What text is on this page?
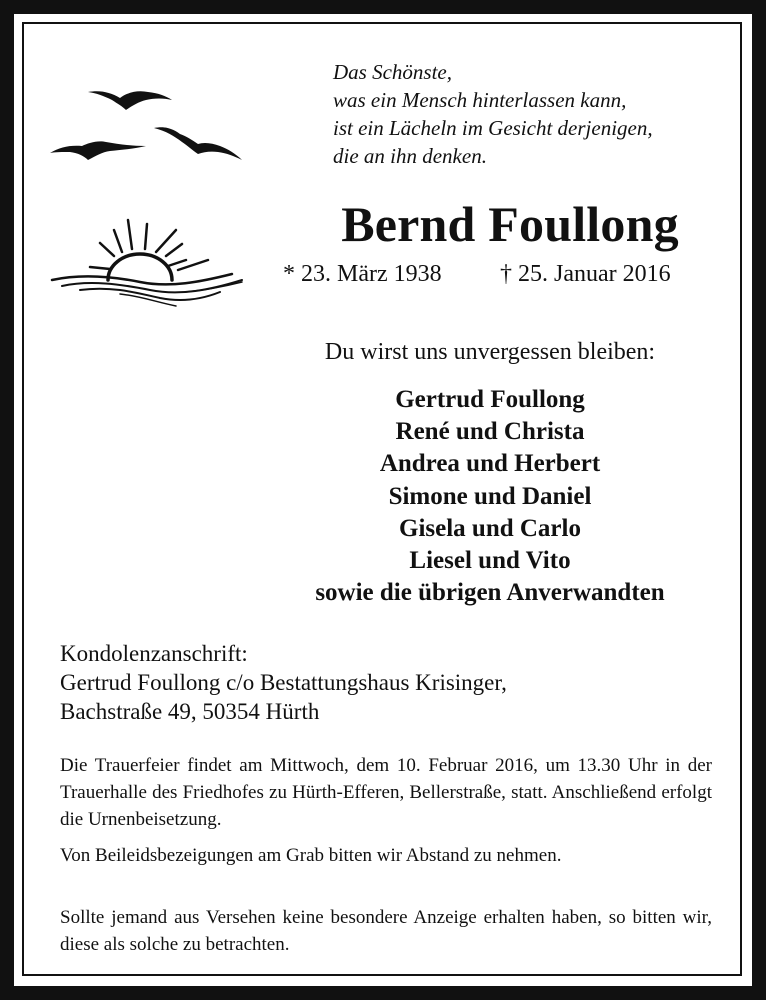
Das Schönste,
was ein Mensch hinterlassen kann,
ist ein Lächeln im Gesicht derjenigen,
die an ihn denken.
Bernd Foullong
* 23. März 1938 † 25. Januar 2016
Du wirst uns unvergessen bleiben:
Gertrud Foullong
René und Christa
Andrea und Herbert
Simone und Daniel
Gisela und Carlo
Liesel und Vito
sowie die übrigen Anverwandten
Kondolenzanschrift:
Gertrud Foullong c/o Bestattungshaus Krisinger,
Bachstraße 49, 50354 Hürth
Die Trauerfeier findet am Mittwoch, dem 10. Februar 2016, um 13.30 Uhr in der Trauerhalle des Friedhofes zu Hürth-Efferen, Bellerstraße, statt. Anschließend erfolgt die Urnenbeisetzung.
Von Beileidsbezeigungen am Grab bitten wir Abstand zu nehmen.
Sollte jemand aus Versehen keine besondere Anzeige erhalten haben, so bitten wir, diese als solche zu betrachten.
